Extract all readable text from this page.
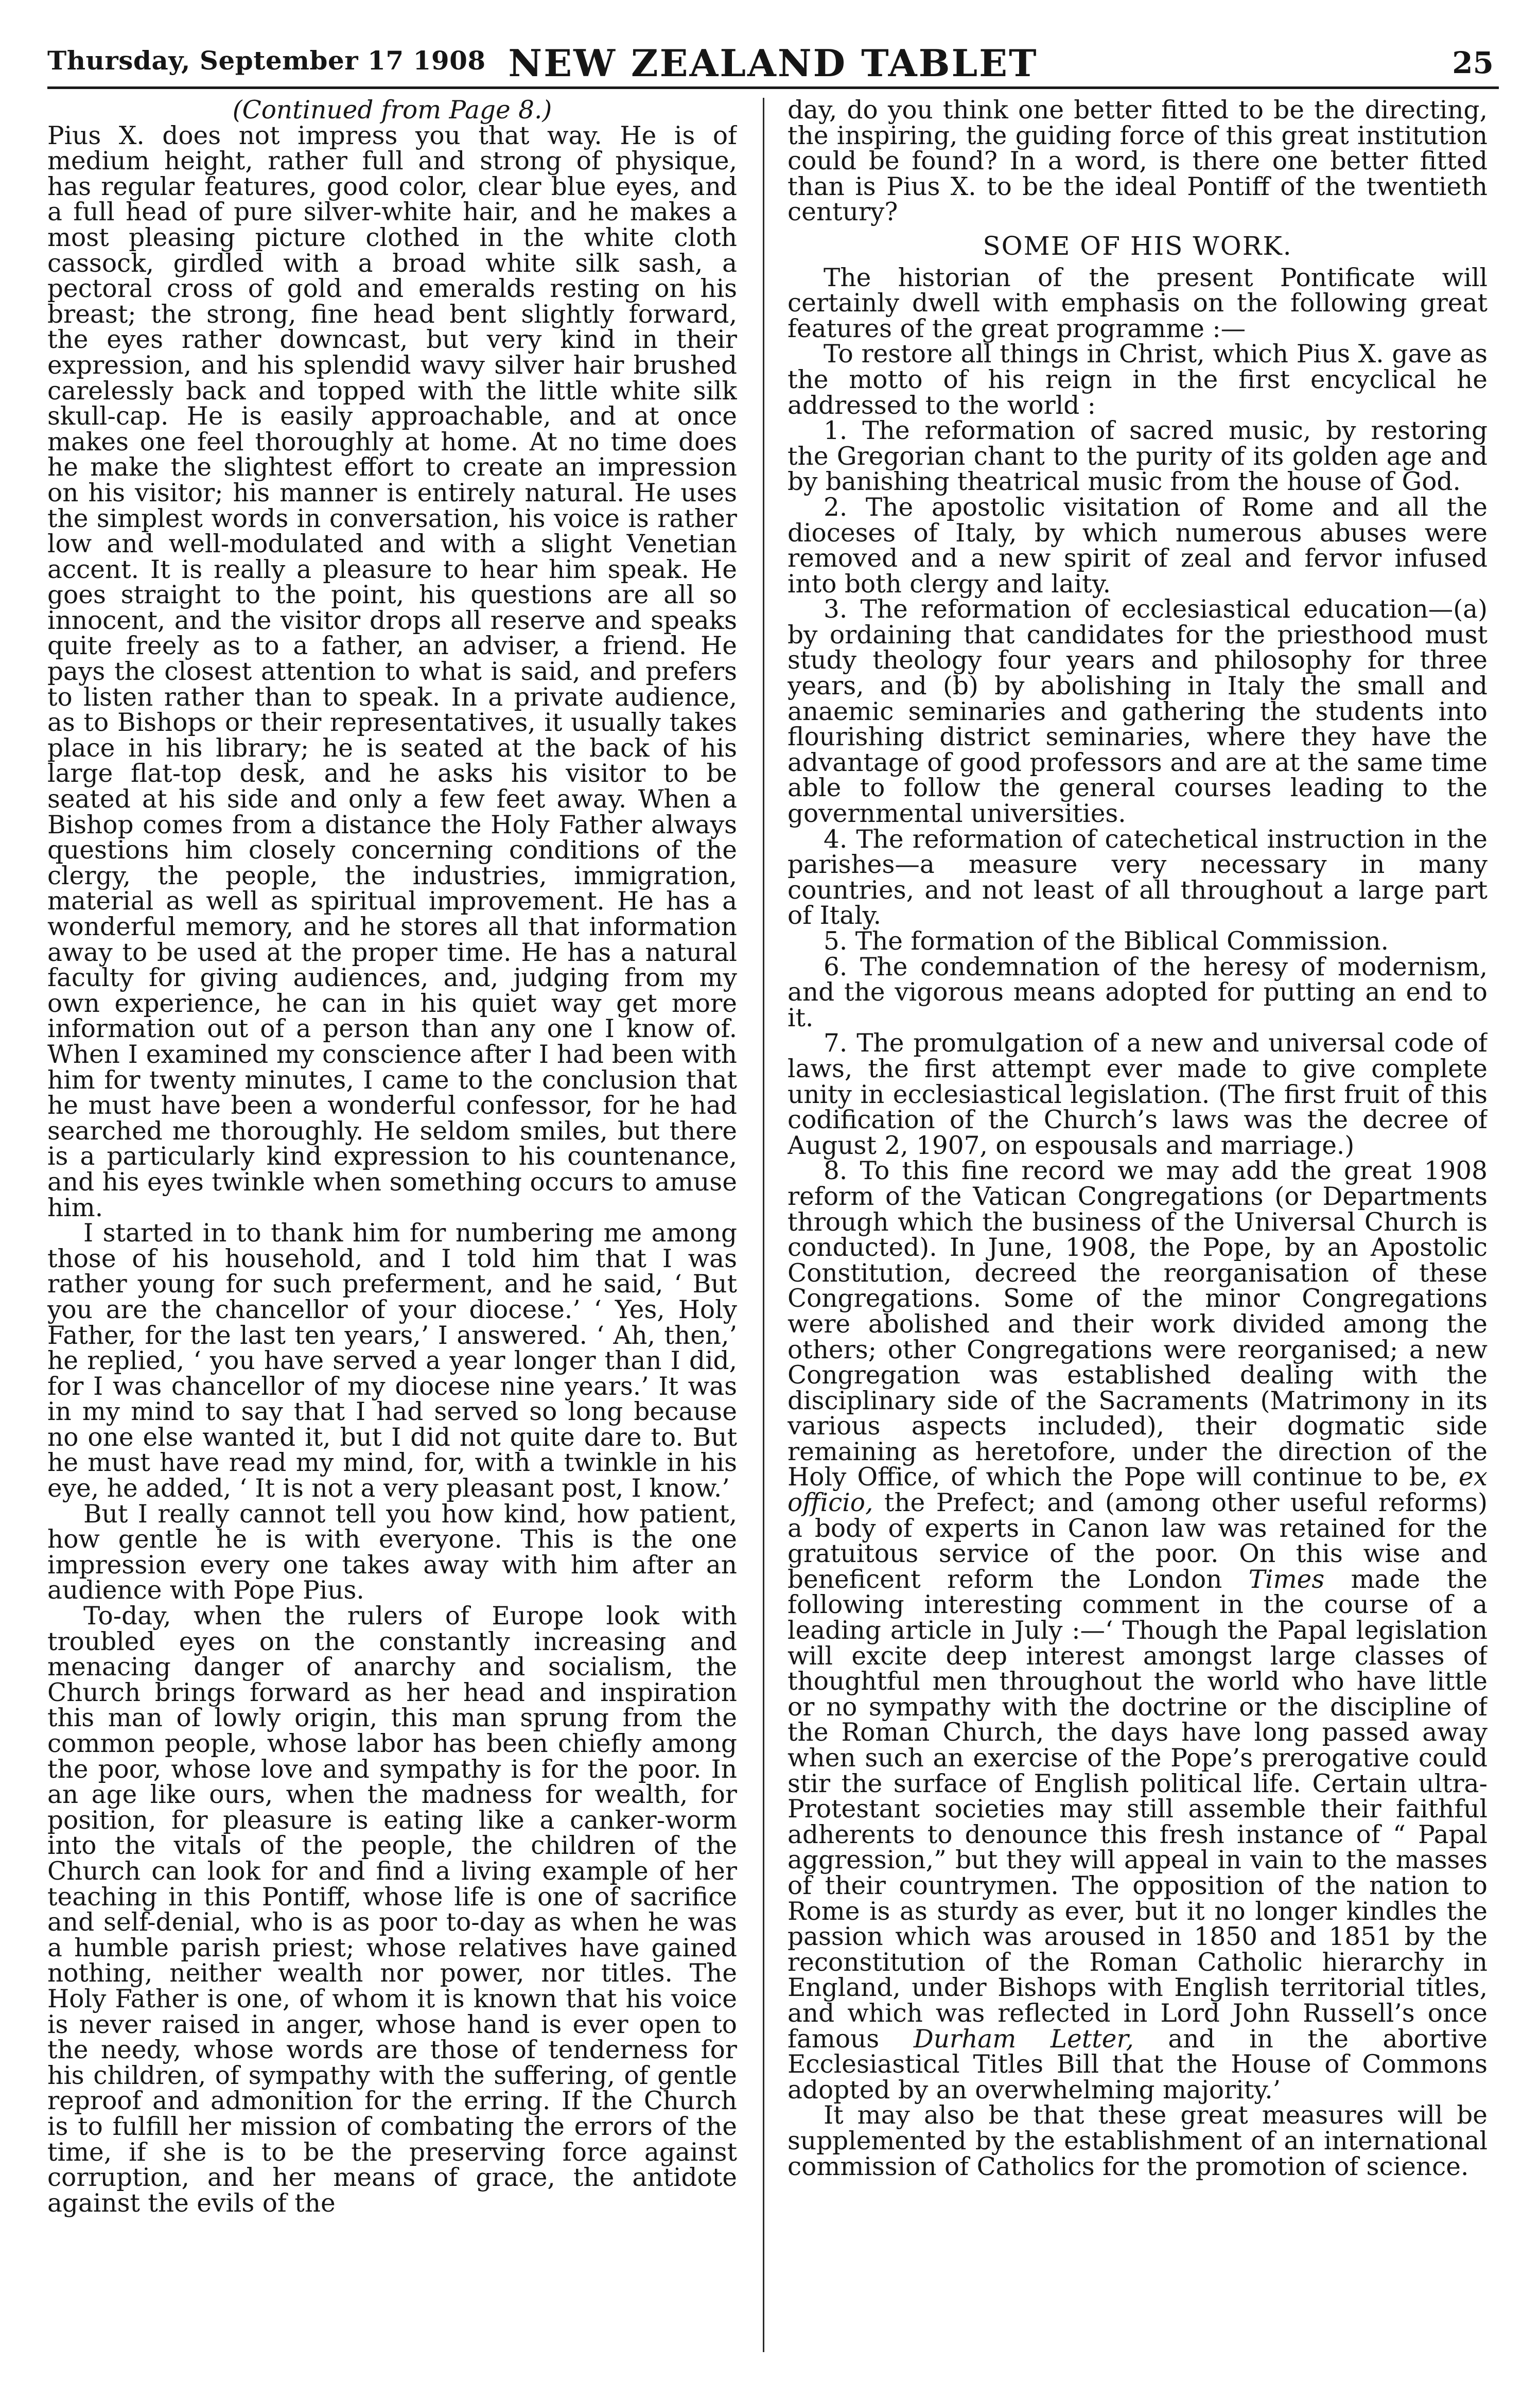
Thursday, September 17 1908 NEW ZEALAND TABLET	25

(Continued from Page 8.)

Pius X. does not impress you that way. He is of medium height, rather full and strong of physique, has regular features, good color, clear blue eyes, and a full head of pure silver-white hair, and he makes a most pleasing picture clothed in the white cloth cassock, girdled with a broad white silk sash, a pectoral cross of gold and emeralds resting on his breast; the strong, fine head bent slightly forward, the eyes rather downcast, but very kind in their expression, and his splendid wavy silver hair brushed carelessly back and topped with the little white silk skull-cap. He is easily approachable, and at once makes one feel thoroughly at home. At no time does he make the slightest effort to create an impression on his visitor; his manner is entirely natural. He uses the simplest words in conversation, his voice is rather low and well-modulated and with a slight Venetian accent. It is really a pleasure to hear him speak. He goes straight to the point, his questions are all so innocent, and the visitor drops all reserve and speaks quite freely as to a father, an adviser, a friend. He pays the closest attention to what is said, and prefers to listen rather than to speak. In a private audience, as to Bishops or their representatives, it usually takes place in his library; he is seated at the back of his large flat-top desk, and he asks his visitor to be seated at his side and only a few feet away. When a Bishop comes from a distance the Holy Father always questions him closely concerning conditions of the clergy, the people, the industries, immigration, material as well as spiritual improvement. He has a wonderful memory, and he stores all that information away to be used at the proper time. He has a natural faculty for giving audiences, and, judging from my own experience, he can in his quiet way get more information out of a person than any one I know of. When I examined my conscience after I had been with him for twenty minutes, I came to the conclusion that he must have been a wonderful confessor, for he had searched me thoroughly. He seldom smiles, but there is a particularly kind expression to his countenance, and his eyes twinkle when something occurs to amuse him.

I started in to thank him for numbering me among those of his household, and I told him that I was rather young for such preferment, and he said, ‘ But you are the chancellor of your diocese.’ ‘ Yes, Holy Father, for the last ten years,’ I answered. ‘ Ah, then,’ he replied, ‘ you have served a year longer than I did, for I was chancellor of my diocese nine years.’ It was in my mind to say that I had served so long because no one else wanted it, but I did not quite dare to. But he must have read my mind, for, with a twinkle in his eye, he added, ‘ It is not a very pleasant post, I know.’

But I really cannot tell you how kind, how patient, how gentle he is with everyone. This is the one impression every one takes away with him after an audience with Pope Pius.

To-day, when the rulers of Europe look with troubled eyes on the constantly increasing and menacing danger of anarchy and socialism, the Church brings forward as her head and inspiration this man of lowly origin, this man sprung from the common people, whose labor has been chiefly among the poor, whose love and sympathy is for the poor. In an age like ours, when the madness for wealth, for position, for pleasure is eating like a canker-worm into the vitals of the people, the children of the Church can look for and find a living example of her teaching in this Pontiff, whose life is one of sacrifice and self-denial, who is as poor to-day as when he was a humble parish priest; whose relatives have gained nothing, neither wealth nor power, nor titles. The Holy Father is one, of whom it is known that his voice is never raised in anger, whose hand is ever open to the needy, whose words are those of tenderness for his children, of sympathy with the suffering, of gentle reproof and admonition for the erring. If the Church is to fulfill her mission of combating the errors of the time, if she is to be the preserving force against corruption, and her means of grace, the antidote against the evils of the

day, do you think one better fitted to be the directing, the inspiring, the guiding force of this great institution could be found? In a word, is there one better fitted than is Pius X. to be the ideal Pontiff of the twentieth century?

SOME OF HIS WORK.

The historian of the present Pontificate will certainly dwell with emphasis on the following great features of the great programme :—

To restore all things in Christ, which Pius X. gave as the motto of his reign in the first encyclical he addressed to the world :

1. The reformation of sacred music, by restoring the Gregorian chant to the purity of its golden age and by banishing theatrical music from the house of God.

2. The apostolic visitation of Rome and all the dioceses of Italy, by which numerous abuses were removed and a new spirit of zeal and fervor infused into both clergy and laity.

3. The reformation of ecclesiastical education—(a) by ordaining that candidates for the priesthood must study theology four years and philosophy for three years, and (b) by abolishing in Italy the small and anaemic seminaries and gathering the students into flourishing district seminaries, where they have the advantage of good professors and are at the same time able to follow the general courses leading to the governmental universities.

4. The reformation of catechetical instruction in the parishes—a measure very necessary in many countries, and not least of all throughout a large part of Italy.

5. The formation of the Biblical Commission.

6. The condemnation of the heresy of modernism, and the vigorous means adopted for putting an end to it.

7. The promulgation of a new and universal code of laws, the first attempt ever made to give complete unity in ecclesiastical legislation. (The first fruit of this codification of the Church’s laws was the decree of August 2, 1907, on espousals and marriage.)

8. To this fine record we may add the great 1908 reform of the Vatican Congregations (or Departments through which the business of the Universal Church is conducted). In June, 1908, the Pope, by an Apostolic Constitution, decreed the reorganisation of these Congregations. Some of the minor Congregations were abolished and their work divided among the others; other Congregations were reorganised; a new Congregation was established dealing with the disciplinary side of the Sacraments (Matrimony in its various aspects included), their dogmatic side remaining as heretofore, under the direction of the Holy Office, of which the Pope will continue to be, ex officio, the Prefect; and (among other useful reforms) a body of experts in Canon law was retained for the gratuitous service of the poor. On this wise and beneficent reform the London Times made the following interesting comment in the course of a leading article in July :—‘ Though the Papal legislation will excite deep interest amongst large classes of thoughtful men throughout the world who have little or no sympathy with the doctrine or the discipline of the Roman Church, the days have long passed away when such an exercise of the Pope’s prerogative could stir the surface of English political life. Certain ultra-Protestant societies may still assemble their faithful adherents to denounce this fresh instance of “ Papal aggression,” but they will appeal in vain to the masses of their countrymen. The opposition of the nation to Rome is as sturdy as ever, but it no longer kindles the passion which was aroused in 1850 and 1851 by the reconstitution of the Roman Catholic hierarchy in England, under Bishops with English territorial titles, and which was reflected in Lord John Russell’s once famous Durham Letter, and in the abortive Ecclesiastical Titles Bill that the House of Commons adopted by an overwhelming majority.’

It may also be that these great measures will be supplemented by the establishment of an international commission of Catholics for the promotion of science.
